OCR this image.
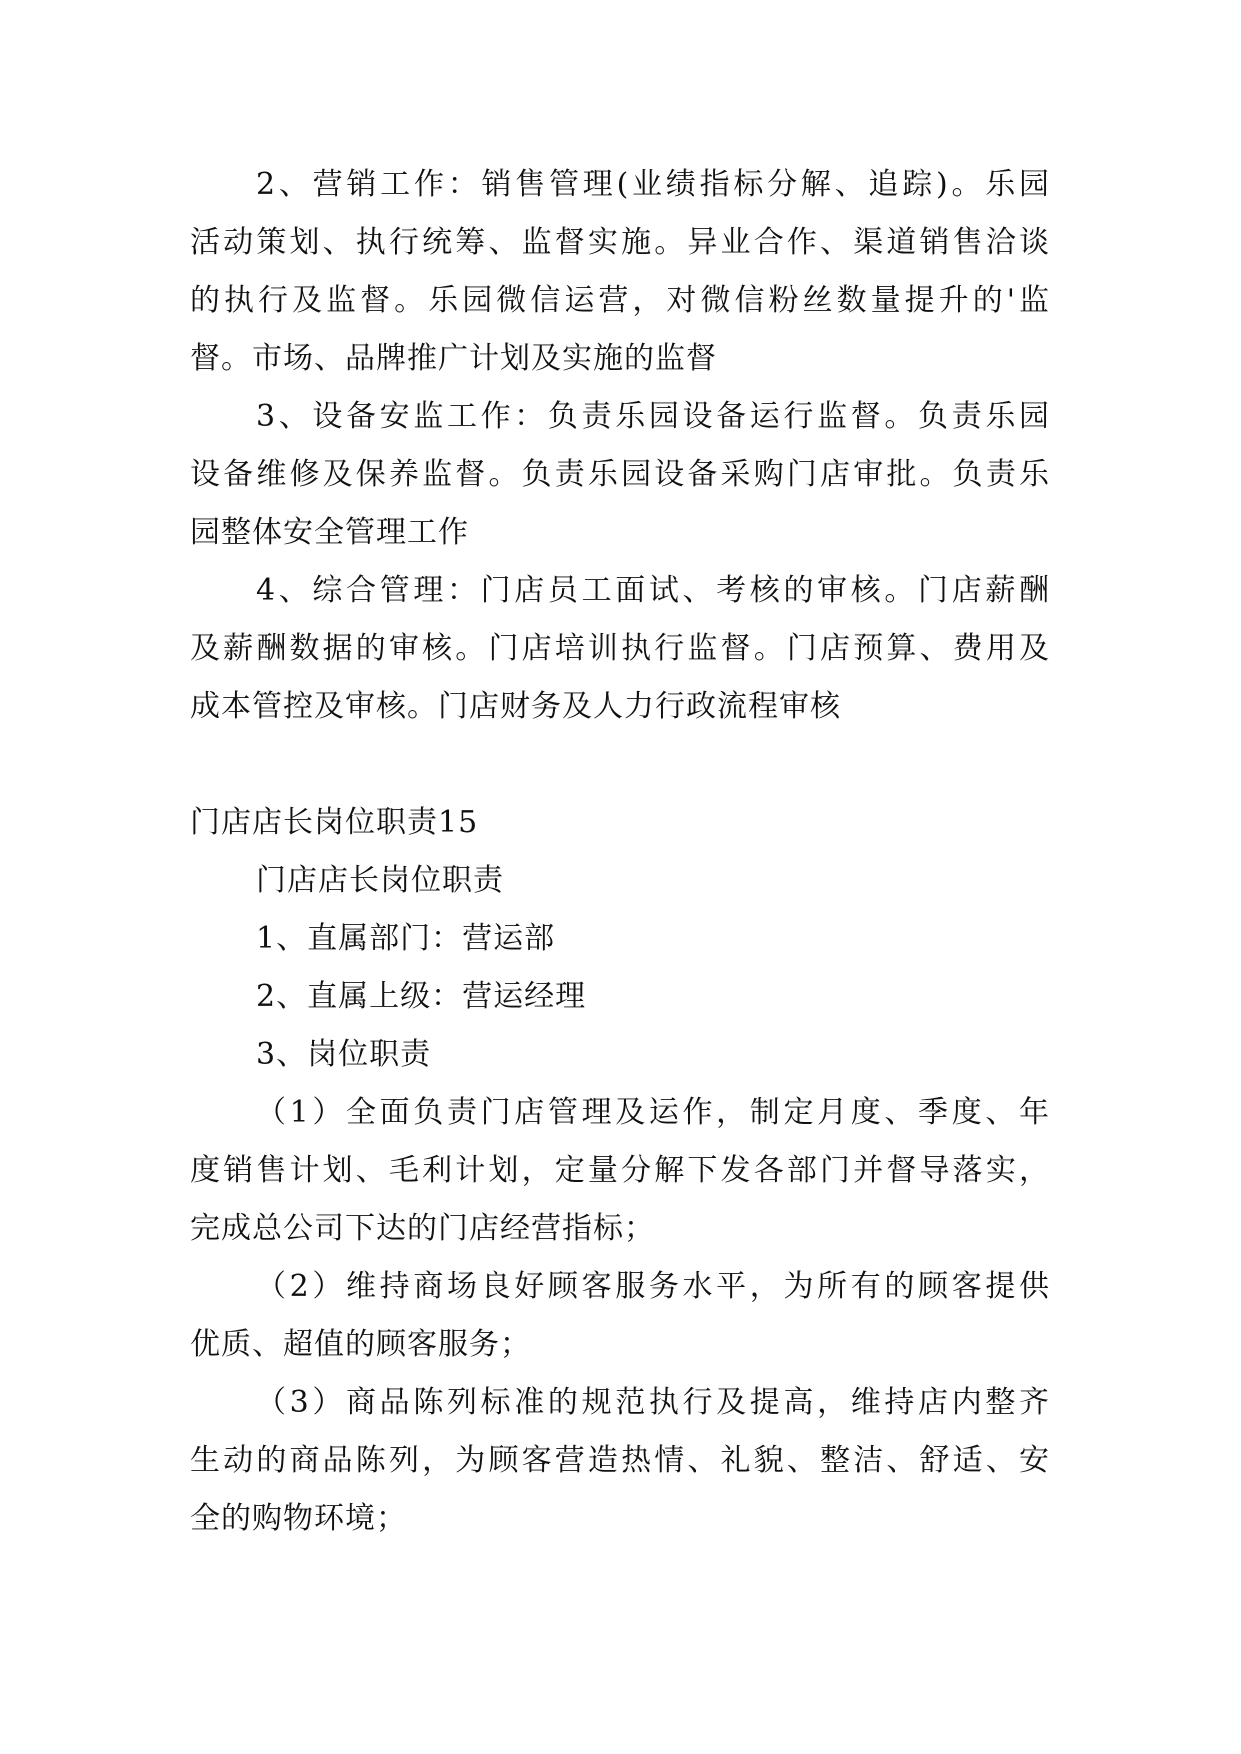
2、营销工作：销售管理(业绩指标分解、追踪)。乐园
活动策划、执行统筹、监督实施。异业合作、渠道销售洽谈
的执行及监督。乐园微信运营，对微信粉丝数量提升的'监
督。市场、品牌推广计划及实施的监督
3、设备安监工作：负责乐园设备运行监督。负责乐园
设备维修及保养监督。负责乐园设备采购门店审批。负责乐
园整体安全管理工作
4、综合管理：门店员工面试、考核的审核。门店薪酬
及薪酬数据的审核。门店培训执行监督。门店预算、费用及
成本管控及审核。门店财务及人力行政流程审核
门店店长岗位职责15
门店店长岗位职责
1、直属部门：营运部
2、直属上级：营运经理
3、岗位职责
（1）全面负责门店管理及运作，制定月度、季度、年
度销售计划、毛利计划，定量分解下发各部门并督导落实，
完成总公司下达的门店经营指标；
（2）维持商场良好顾客服务水平，为所有的顾客提供
优质、超值的顾客服务；
（3）商品陈列标准的规范执行及提高，维持店内整齐
生动的商品陈列，为顾客营造热情、礼貌、整洁、舒适、安
全的购物环境；
